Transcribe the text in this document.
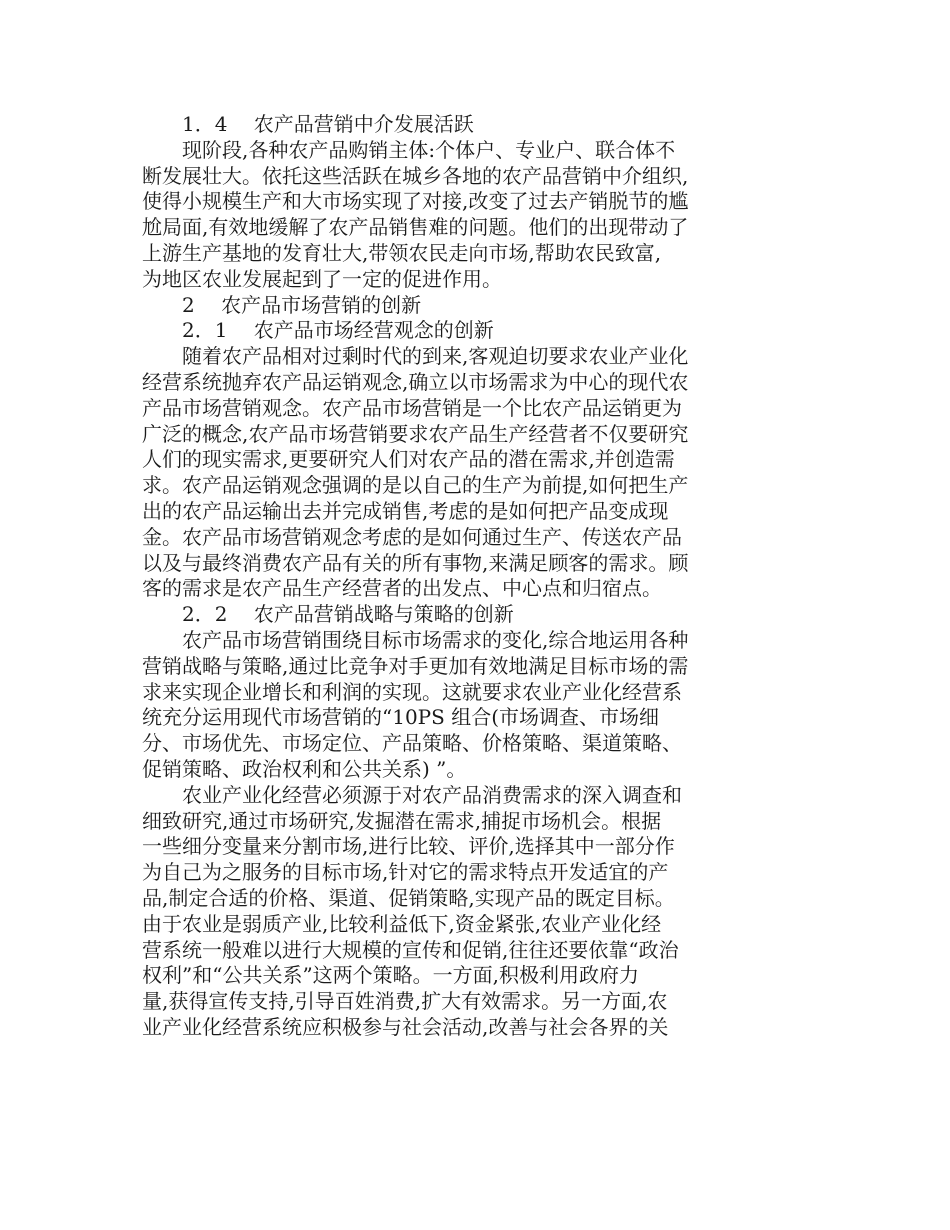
1．4　 农产品营销中介发展活跃
现阶段,各种农产品购销主体:个体户、专业户、联合体不
断发展壮大。依托这些活跃在城乡各地的农产品营销中介组织,
使得小规模生产和大市场实现了对接,改变了过去产销脱节的尴
尬局面,有效地缓解了农产品销售难的问题。他们的出现带动了
上游生产基地的发育壮大,带领农民走向市场,帮助农民致富,
为地区农业发展起到了一定的促进作用。
2　 农产品市场营销的创新
2．1　 农产品市场经营观念的创新
随着农产品相对过剩时代的到来,客观迫切要求农业产业化
经营系统抛弃农产品运销观念,确立以市场需求为中心的现代农
产品市场营销观念。农产品市场营销是一个比农产品运销更为
广泛的概念,农产品市场营销要求农产品生产经营者不仅要研究
人们的现实需求,更要研究人们对农产品的潜在需求,并创造需
求。农产品运销观念强调的是以自己的生产为前提,如何把生产
出的农产品运输出去并完成销售,考虑的是如何把产品变成现
金。农产品市场营销观念考虑的是如何通过生产、传送农产品
以及与最终消费农产品有关的所有事物,来满足顾客的需求。顾
客的需求是农产品生产经营者的出发点、中心点和归宿点。
2．2　 农产品营销战略与策略的创新
农产品市场营销围绕目标市场需求的变化,综合地运用各种
营销战略与策略,通过比竞争对手更加有效地满足目标市场的需
求来实现企业增长和利润的实现。这就要求农业产业化经营系
统充分运用现代市场营销的“10PS 组合(市场调查、市场细
分、市场优先、市场定位、产品策略、价格策略、渠道策略、
促销策略、政治权利和公共关系) ”。
农业产业化经营必须源于对农产品消费需求的深入调查和
细致研究,通过市场研究,发掘潜在需求,捕捉市场机会。根据
一些细分变量来分割市场,进行比较、评价,选择其中一部分作
为自己为之服务的目标市场,针对它的需求特点开发适宜的产
品,制定合适的价格、渠道、促销策略,实现产品的既定目标。
由于农业是弱质产业,比较利益低下,资金紧张,农业产业化经
营系统一般难以进行大规模的宣传和促销,往往还要依靠“政治
权利”和“公共关系”这两个策略。一方面,积极利用政府力
量,获得宣传支持,引导百姓消费,扩大有效需求。另一方面,农
业产业化经营系统应积极参与社会活动,改善与社会各界的关
